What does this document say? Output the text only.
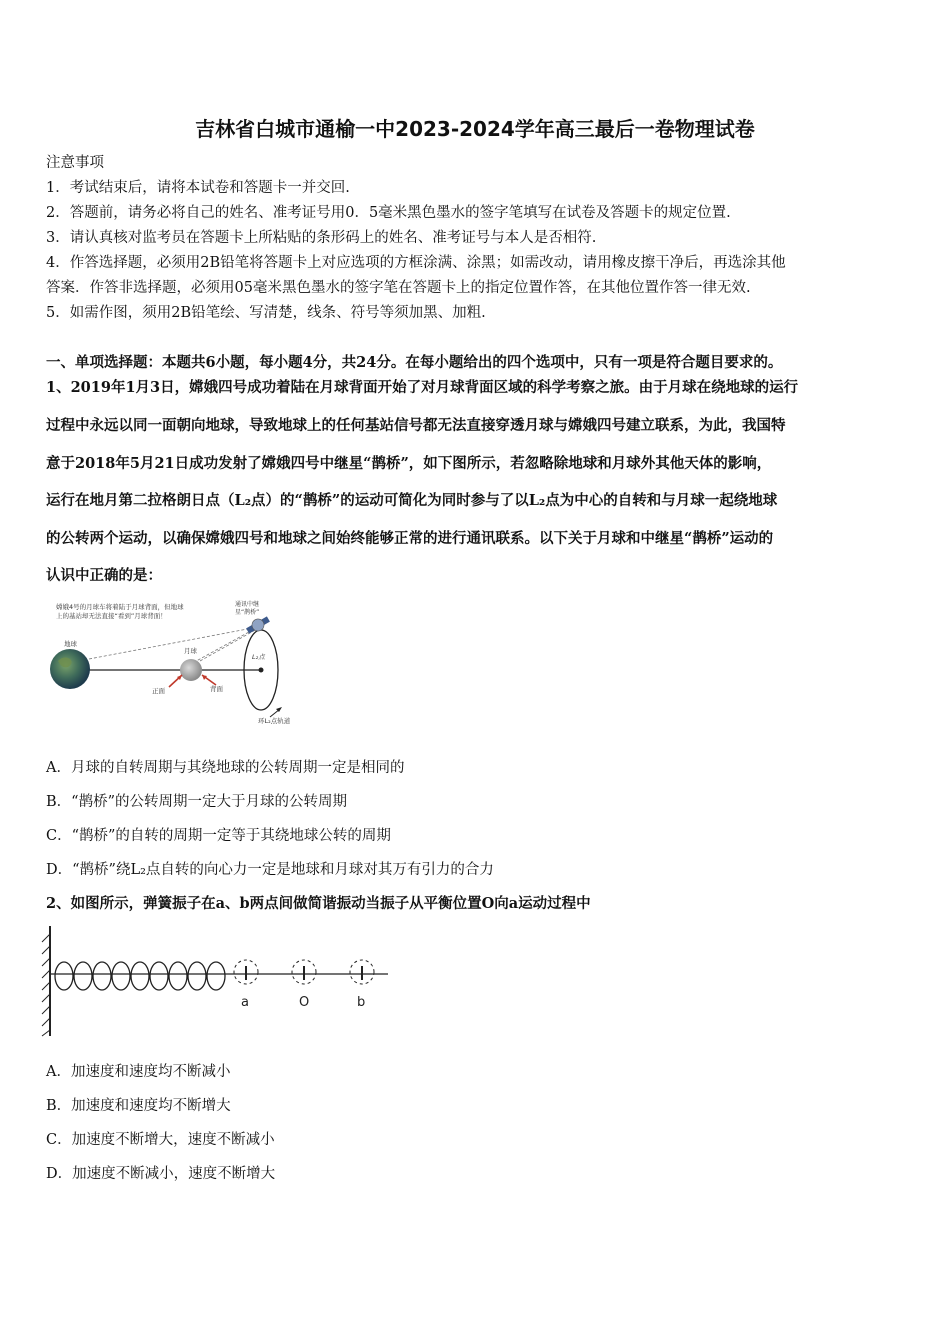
吉林省白城市通榆一中2023-2024学年高三最后一卷物理试卷
注意事项
1．考试结束后，请将本试卷和答题卡一并交回.
2．答题前，请务必将自己的姓名、准考证号用0．5毫米黑色墨水的签字笔填写在试卷及答题卡的规定位置.
3．请认真核对监考员在答题卡上所粘贴的条形码上的姓名、准考证号与本人是否相符.
4．作答选择题，必须用2B铅笔将答题卡上对应选项的方框涂满、涂黑；如需改动，请用橡皮擦干净后，再选涂其他
答案．作答非选择题，必须用05毫米黑色墨水的签字笔在答题卡上的指定位置作答，在其他位置作答一律无效.
5．如需作图，须用2B铅笔绘、写清楚，线条、符号等须加黑、加粗.
一、单项选择题：本题共6小题，每小题4分，共24分。在每小题给出的四个选项中，只有一项是符合题目要求的。
1、2019年1月3日，嫦娥四号成功着陆在月球背面开始了对月球背面区域的科学考察之旅。由于月球在绕地球的运行
过程中永远以同一面朝向地球，导致地球上的任何基站信号都无法直接穿透月球与嫦娥四号建立联系，为此，我国特
意于2018年5月21日成功发射了嫦娥四号中继星“鹊桥”，如下图所示，若忽略除地球和月球外其他天体的影响，
运行在地月第二拉格朗日点（L₂点）的“鹊桥”的运动可简化为同时参与了以L₂点为中心的自转和与月球一起绕地球
的公转两个运动，以确保嫦娥四号和地球之间始终能够正常的进行通讯联系。以下关于月球和中继星“鹊桥”运动的
认识中正确的是：
嫦娥4号的月球车将着陆于月球背面，但地球
上的基站却无法直接“看到”月球背面！
通讯中继
星“鹊桥”
地球
月球
L₂点
正面	背面
环L₂点轨道
A．月球的自转周期与其绕地球的公转周期一定是相同的
B．“鹊桥”的公转周期一定大于月球的公转周期
C．“鹊桥”的自转的周期一定等于其绕地球公转的周期
D．“鹊桥”绕L₂点自转的向心力一定是地球和月球对其万有引力的合力
2、如图所示，弹簧振子在a、b两点间做简谐振动当振子从平衡位置O向a运动过程中
a	O	b
A．加速度和速度均不断减小
B．加速度和速度均不断增大
C．加速度不断增大，速度不断减小
D．加速度不断减小，速度不断增大
